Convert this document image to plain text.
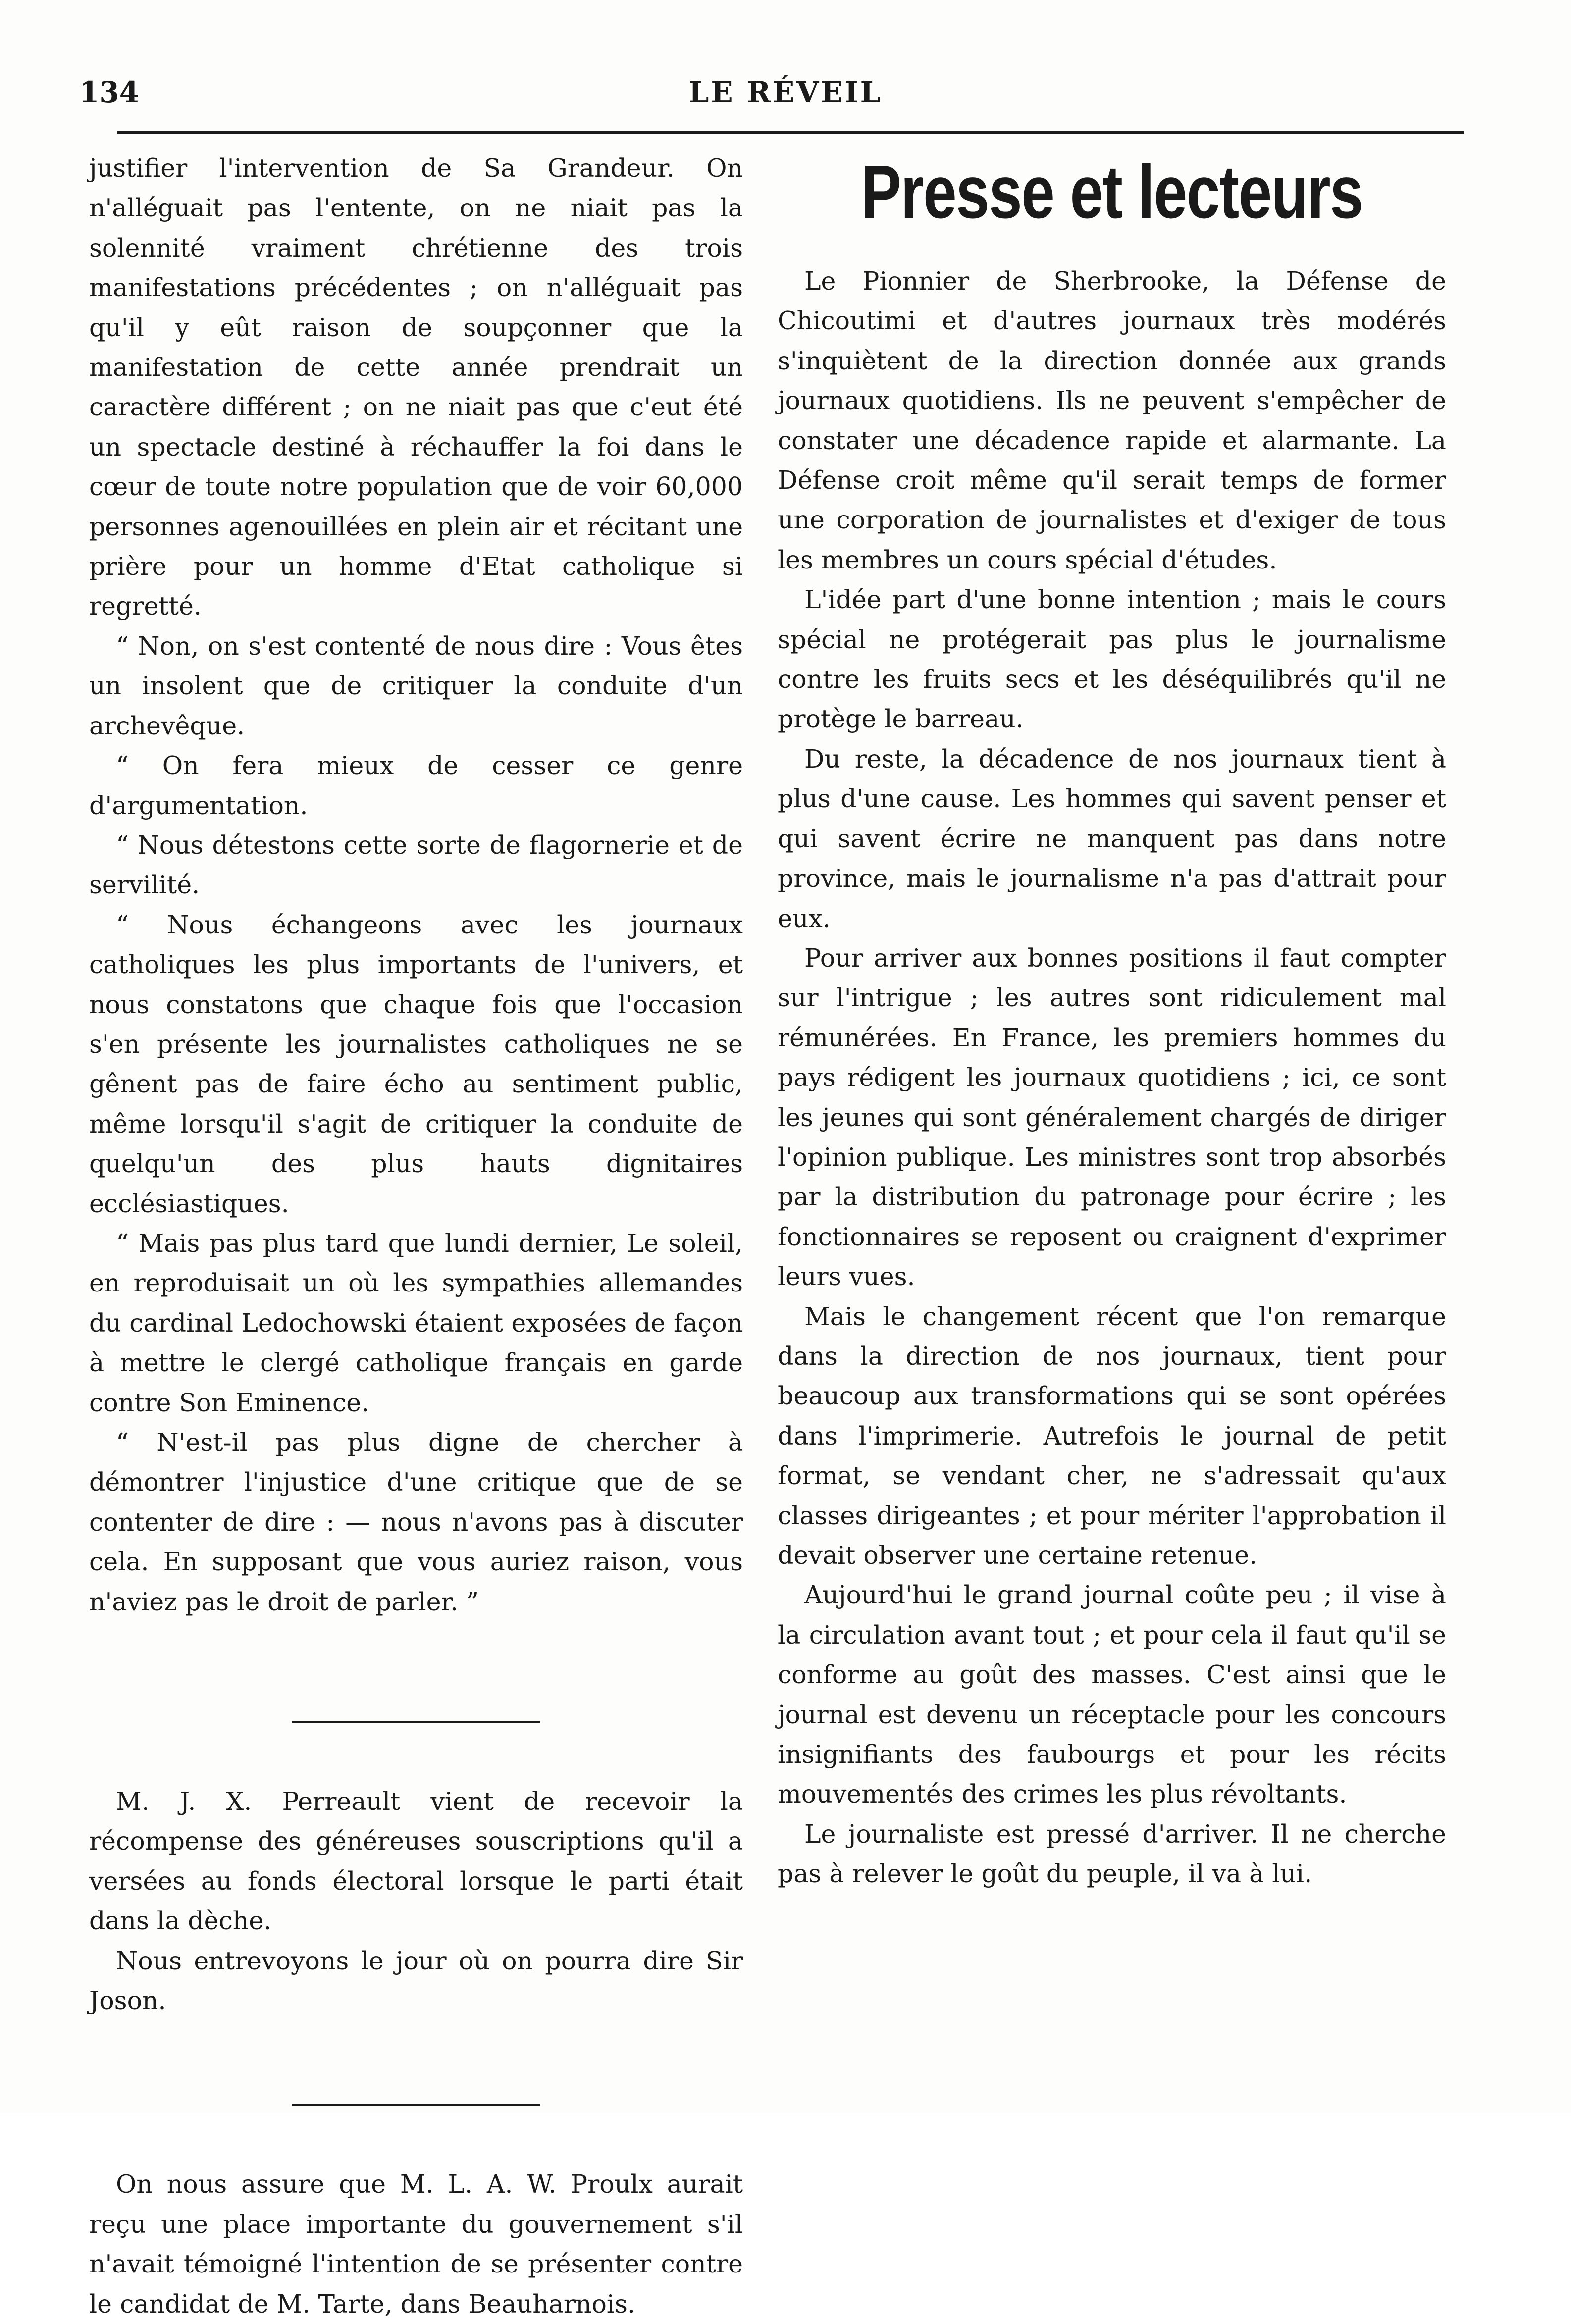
134	LE RÉVEIL

justifier l'intervention de Sa Grandeur. On n'alléguait pas l'entente, on ne niait pas la solennité vraiment chrétienne des trois manifestations précédentes ; on n'alléguait pas qu'il y eût raison de soupçonner que la manifestation de cette année prendrait un caractère différent ; on ne niait pas que c'eut été un spectacle destiné à réchauffer la foi dans le cœur de toute notre population que de voir 60,000 personnes agenouillées en plein air et récitant une prière pour un homme d'Etat catholique si regretté.

“ Non, on s'est contenté de nous dire : Vous êtes un insolent que de critiquer la conduite d'un archevêque.

“ On fera mieux de cesser ce genre d'argumentation.

“ Nous détestons cette sorte de flagornerie et de servilité.

“ Nous échangeons avec les journaux catholiques les plus importants de l'univers, et nous constatons que chaque fois que l'occasion s'en présente les journalistes catholiques ne se gênent pas de faire écho au sentiment public, même lorsqu'il s'agit de critiquer la conduite de quelqu'un des plus hauts dignitaires ecclésiastiques.

“ Mais pas plus tard que lundi dernier, Le soleil, en reproduisait un où les sympathies allemandes du cardinal Ledochowski étaient exposées de façon à mettre le clergé catholique français en garde contre Son Eminence.

“ N'est-il pas plus digne de chercher à démontrer l'injustice d'une critique que de se contenter de dire : — nous n'avons pas à discuter cela. En supposant que vous auriez raison, vous n'aviez pas le droit de parler. ”

M. J. X. Perreault vient de recevoir la récompense des généreuses souscriptions qu'il a versées au fonds électoral lorsque le parti était dans la dèche.

Nous entrevoyons le jour où on pourra dire Sir Joson.

On nous assure que M. L. A. W. Proulx aurait reçu une place importante du gouvernement s'il n'avait témoigné l'intention de se présenter contre le candidat de M. Tarte, dans Beauharnois.

Presse et lecteurs

Le Pionnier de Sherbrooke, la Défense de Chicoutimi et d'autres journaux très modérés s'inquiètent de la direction donnée aux grands journaux quotidiens. Ils ne peuvent s'empêcher de constater une décadence rapide et alarmante. La Défense croit même qu'il serait temps de former une corporation de journalistes et d'exiger de tous les membres un cours spécial d'études.

L'idée part d'une bonne intention ; mais le cours spécial ne protégerait pas plus le journalisme contre les fruits secs et les déséquilibrés qu'il ne protège le barreau.

Du reste, la décadence de nos journaux tient à plus d'une cause. Les hommes qui savent penser et qui savent écrire ne manquent pas dans notre province, mais le journalisme n'a pas d'attrait pour eux.

Pour arriver aux bonnes positions il faut compter sur l'intrigue ; les autres sont ridiculement mal rémunérées. En France, les premiers hommes du pays rédigent les journaux quotidiens ; ici, ce sont les jeunes qui sont généralement chargés de diriger l'opinion publique. Les ministres sont trop absorbés par la distribution du patronage pour écrire ; les fonctionnaires se reposent ou craignent d'exprimer leurs vues.

Mais le changement récent que l'on remarque dans la direction de nos journaux, tient pour beaucoup aux transformations qui se sont opérées dans l'imprimerie. Autrefois le journal de petit format, se vendant cher, ne s'adressait qu'aux classes dirigeantes ; et pour mériter l'approbation il devait observer une certaine retenue.

Aujourd'hui le grand journal coûte peu ; il vise à la circulation avant tout ; et pour cela il faut qu'il se conforme au goût des masses. C'est ainsi que le journal est devenu un réceptacle pour les concours insignifiants des faubourgs et pour les récits mouvementés des crimes les plus révoltants.

Le journaliste est pressé d'arriver. Il ne cherche pas à relever le goût du peuple, il va à lui.
